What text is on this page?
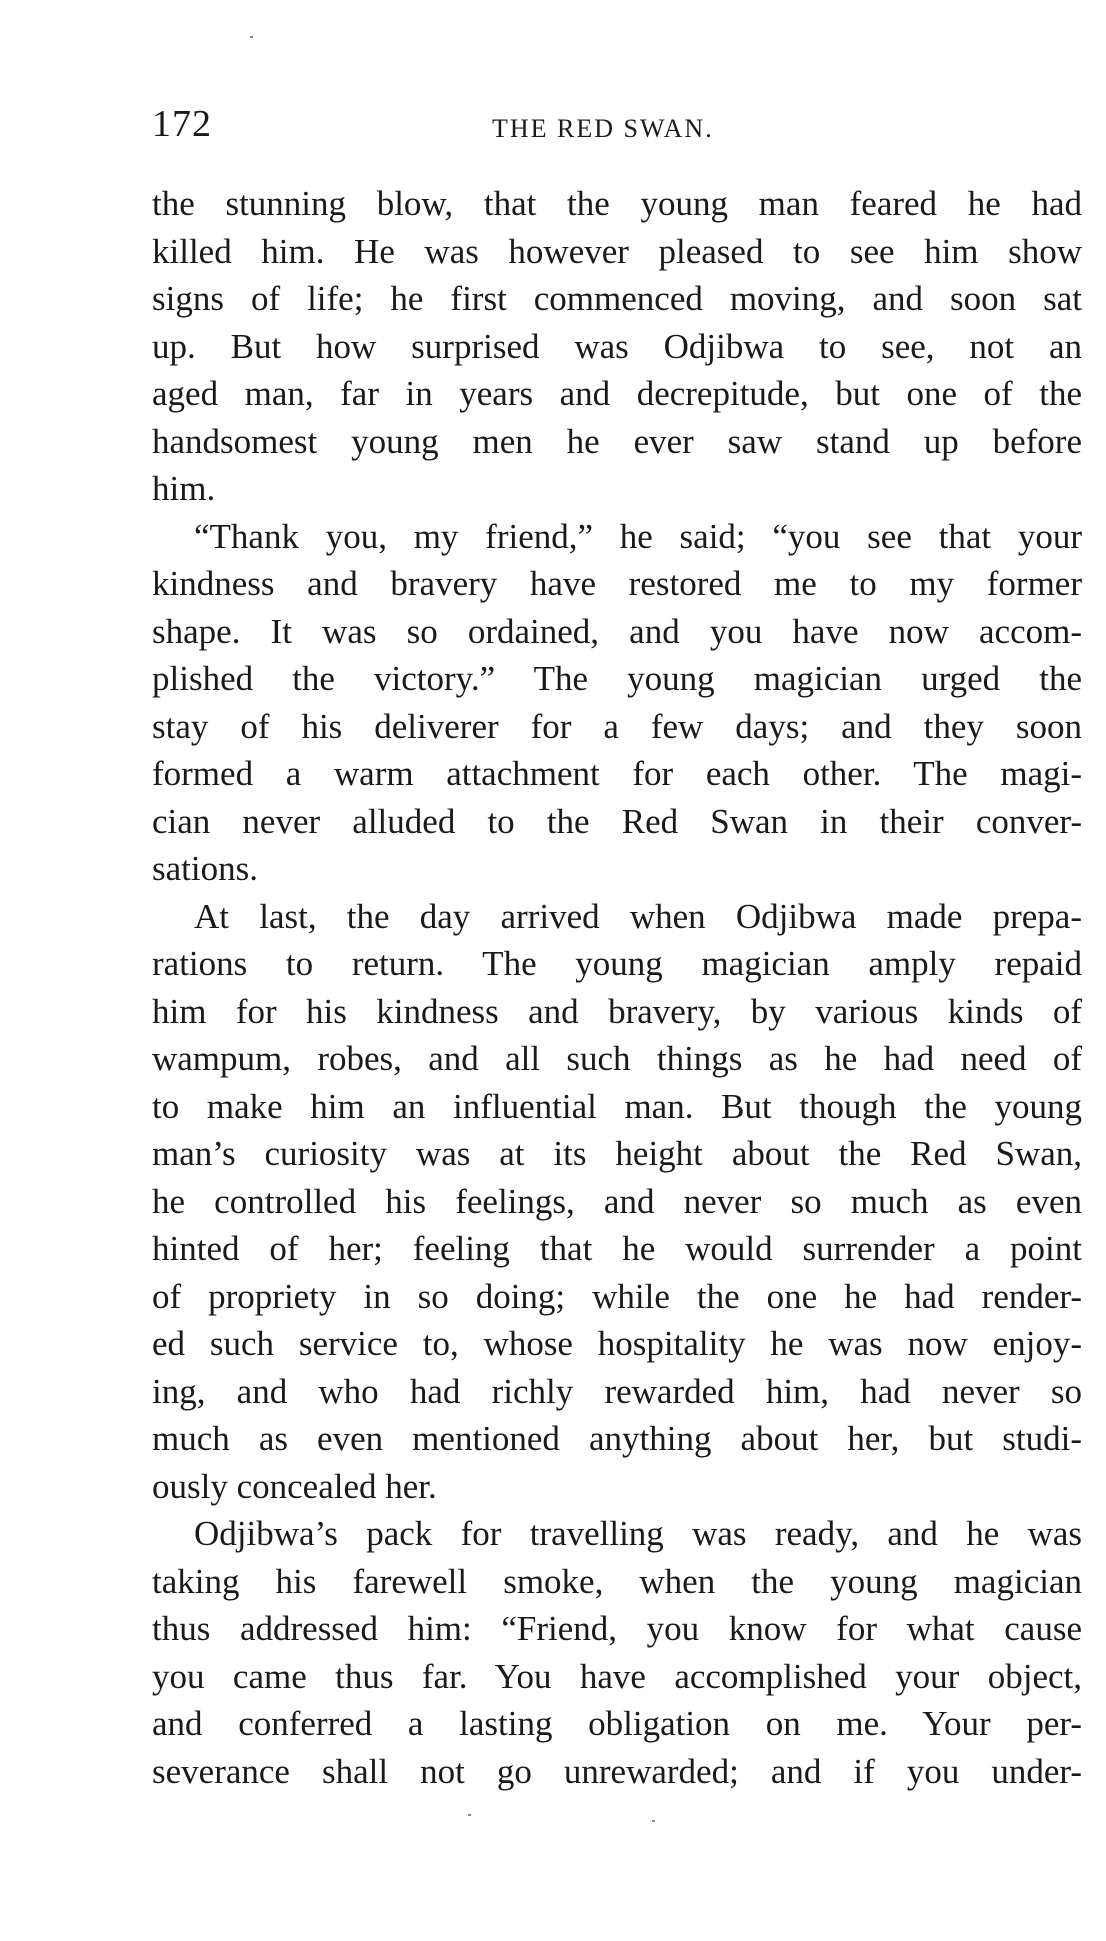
172	THE RED SWAN.
the stunning blow, that the young man feared he had
killed him. He was however pleased to see him show
signs of life; he first commenced moving, and soon sat
up. But how surprised was Odjibwa to see, not an
aged man, far in years and decrepitude, but one of the
handsomest young men he ever saw stand up before
him.
“Thank you, my friend,” he said; “you see that your
kindness and bravery have restored me to my former
shape. It was so ordained, and you have now accom-
plished the victory.” The young magician urged the
stay of his deliverer for a few days; and they soon
formed a warm attachment for each other. The magi-
cian never alluded to the Red Swan in their conver-
sations.
At last, the day arrived when Odjibwa made prepa-
rations to return. The young magician amply repaid
him for his kindness and bravery, by various kinds of
wampum, robes, and all such things as he had need of
to make him an influential man. But though the young
man’s curiosity was at its height about the Red Swan,
he controlled his feelings, and never so much as even
hinted of her; feeling that he would surrender a point
of propriety in so doing; while the one he had render-
ed such service to, whose hospitality he was now enjoy-
ing, and who had richly rewarded him, had never so
much as even mentioned anything about her, but studi-
ously concealed her.
Odjibwa’s pack for travelling was ready, and he was
taking his farewell smoke, when the young magician
thus addressed him: “Friend, you know for what cause
you came thus far. You have accomplished your object,
and conferred a lasting obligation on me. Your per-
severance shall not go unrewarded; and if you under-
